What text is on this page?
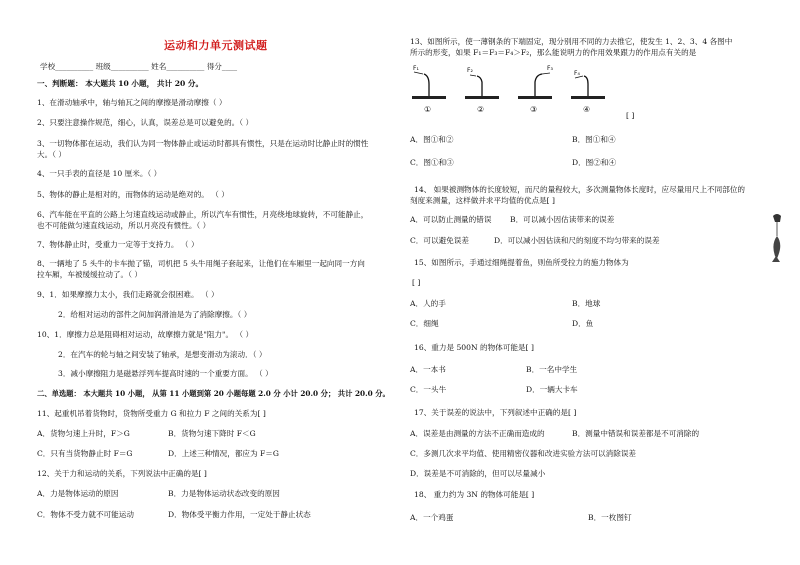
运动和力单元测试题
学校__________ 班级__________ 姓名__________ 得分____
一、判断题： 本大题共 10 小题， 共计 20 分。
1、在滑动轴承中，轴与轴瓦之间的摩擦是滑动摩擦（ ）
2、只要注意操作规范，细心，认真，误差总是可以避免的。（ ）
3、一切物体都在运动，我们认为同一物体静止或运动时都具有惯性，只是在运动时比静止时的惯性
大。（ ）
4、一只手表的直径是 10 厘米。（ ）
5、物体的静止是相对的，而物体的运动是绝对的。 （ ）
6、汽车能在平直的公路上匀速直线运动或静止，所以汽车有惯性，月亮绕地球旋转，不可能静止，
也不可能做匀速直线运动，所以月亮没有惯性。（ ）
7、物体静止时，受重力一定等于支持力。 （ ）
8、一辆地了 5 头牛的卡车抛了锚，司机把 5 头牛用绳子套起来，让他们在车厢里一起向同一方向
拉车厢，车被缓缓拉动了。（ ）
9、1．如果摩擦力太小，我们走路就会很困难。 （ ）
2．给相对运动的部件之间加润滑油是为了消除摩擦。（ ）
10、1．摩擦力总是阻碍相对运动，故摩擦力就是"阻力"。 （ ）
2．在汽车的轮与轴之间安装了轴承，是想变滑动为滚动．（ ）
3．减小摩擦阻力是磁悬浮列车提高时速的一个重要方面。 （ ）
二、单选题： 本大题共 10 小题， 从第 11 小题到第 20 小题每题 2.0 分 小计 20.0 分； 共计 20.0 分。
11、起重机吊着货物时，货物所受重力 G 和拉力 F 之间的关系为[ ]
A．货物匀速上升时，F＞G	B．货物匀速下降时 F＜G
C．只有当货物静止时 F＝G	D．上述三种情况，都应为 F＝G
12、关于力和运动的关系，下列说法中正确的是[ ]
A．力是物体运动的原因	B．力是物体运动状态改变的原因
C．物体不受力就不可能运动	D．物体受平衡力作用，一定处于静止状态
13、如图所示，使一薄钢条的下端固定，现分别用不同的力去推它，使发生 1、2、3、4 各图中
所示的形变，如果 F₁＝F₃＝F₄＞F₂，那么能说明力的作用效果跟力的作用点有关的是
F₁	F₂	F₃
F₄
①	②	③	④
[ ]
A．图①和②	B．图①和④
C．图①和③	D．图②和④
14、 如果被测物体的长度较短，而尺的量程较大，多次测量物体长度时，应尽量用尺上不同部位的
刻度来测量，这样做并求平均值的优点是[ ]
A．可以防止测量的错误 B．可以减小因估读带来的误差
C．可以避免误差	D．可以减小因估读和尺的刻度不均匀带来的误差
15、如图所示，手通过细绳提着鱼，则鱼所受拉力的施力物体为
[ ]
A．人的手	B．地球
C．细绳	D．鱼
16、重力是 500N 的物体可能是[ ]
A．一本书	B．一名中学生
C．一头牛	D．一辆大卡车
17、关于误差的说法中，下列叙述中正确的是[ ]
A．误差是由测量的方法不正确而造成的	B．测量中错误和误差都是不可消除的
C．多测几次求平均值、使用精密仪器和改进实验方法可以消除误差
D．误差是不可消除的，但可以尽量减小
18、 重力约为 3N 的物体可能是[ ]
A．一个鸡蛋	B．一枚图钉
